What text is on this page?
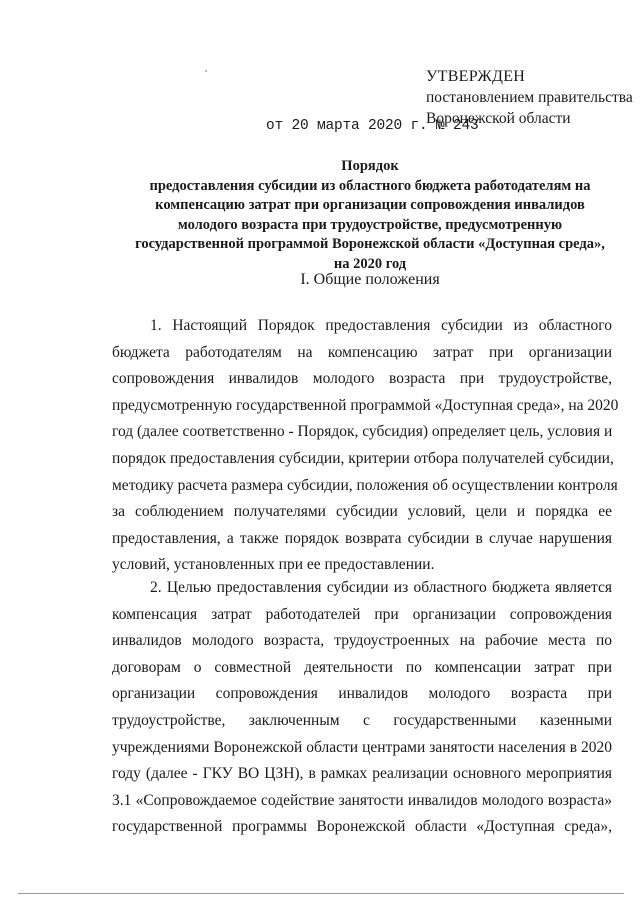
УТВЕРЖДЕН
постановлением правительства
Воронежской области
от 20 марта 2020 г. № 243
Порядок
предоставления субсидии из областного бюджета работодателям на
компенсацию затрат при организации сопровождения инвалидов
молодого возраста при трудоустройстве, предусмотренную
государственной программой Воронежской области «Доступная среда»,
на 2020 год
I. Общие положения
1. Настоящий Порядок предоставления субсидии из областного
бюджета работодателям на компенсацию затрат при организации
сопровождения инвалидов молодого возраста при трудоустройстве,
предусмотренную государственной программой «Доступная среда», на 2020
год (далее соответственно - Порядок, субсидия) определяет цель, условия и
порядок предоставления субсидии, критерии отбора получателей субсидии,
методику расчета размера субсидии, положения об осуществлении контроля
за соблюдением получателями субсидии условий, цели и порядка ее
предоставления, а также порядок возврата субсидии в случае нарушения
условий, установленных при ее предоставлении.
2. Целью предоставления субсидии из областного бюджета является
компенсация затрат работодателей при организации сопровождения
инвалидов молодого возраста, трудоустроенных на рабочие места по
договорам о совместной деятельности по компенсации затрат при
организации сопровождения инвалидов молодого возраста при
трудоустройстве, заключенным с государственными казенными
учреждениями Воронежской области центрами занятости населения в 2020
году (далее - ГКУ ВО ЦЗН), в рамках реализации основного мероприятия
3.1 «Сопровождаемое содействие занятости инвалидов молодого возраста»
государственной программы Воронежской области «Доступная среда»,
